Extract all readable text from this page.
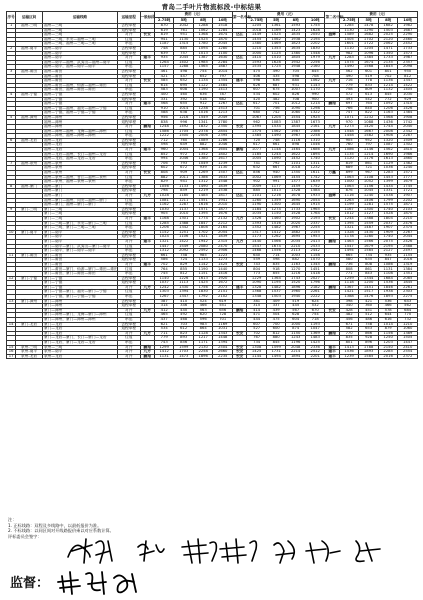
青岛二手叶片物流标段-中标结果
序号	运输区间	运输线路	运输里程	一般标段	费用（元）				第一名中标	费用（元）				第二名中标	费用（元）			
					2.75吨	5吨	8吨	10吨		2.75吨	5吨	8吨	10吨		2.75吨	5吨	8吨	10吨
1	福州-三明	福州—三明	去程单程		870	1042	1288	1518		1205	1361	1593	1755		1285	1478	1682	1982
		福州—三明	返程单程		619	761	1062	1284		1018	1169	1423	1628		1130	1290	1503	1687
		福州—三明	对开	长安	819	951	1368	1674	达江	1449	1525	1835	2050	盛辉	1589	1682	2025	2290
		福州—三明，永安—福州—三明	往返		941	1130	1525	1870		1455	1562	1938	2194		1505	1702	2120	2460
		福州—三明，福州—三明—三明	串运		1187	1315	1780	2045		1380	1469	1823	2202		1601	1722	2062	2452
2	福州-南平	福州—南平	去程单程		748	885	1094	1280		1210	1353	1635	1830		1110	1205	1471	1733
		福州—南平	返程单程		639	757	1013	1100		1000	1125	1380	1548		982	1096	1350	1573
		福州—南平	对开	建丰	935	1045	1387	1630	达江	1410	1510	1805	1979	九方	1283	1385	1733	1987
		福州—南平—福州，武夷山—福州—南平	往返		1264	1402	1985	2284		1593	1628	1942	2256		1575	1674	2135	2357
		福州—南平，福州—南平—南平	串运		1157	1288	1565	1887		1535	1725	1948	2160		1490	1568	1845	2098
3	福州-莆田	福州—莆田	去程单程		461	498	754	1014		475	490	705	845		562	601	801	950
		福州—莆田	返程单程		421	447	652	797		406	435	598	708		490	519	702	812
		福州—莆田	对开	长安	585	652	1134	1354	建丰	598	636	880	1062	九方	716	778	1136	1347
		福州—莆田—福州，仙游—福州—莆田	往返		614	695	1122	1484		626	687	931	1143		779	833	1214	1422
		福州—莆田，福州—莆田—莆田	串运		583	608	1190	1413		607	675	1007	1170		758	809	1132	1405
4	福州-宁德	福州—宁德	去程单程		400	460	636	787		534	602	826	990		572	613	845	1030
		福州—宁德	返程单程		331	392	518	682		420	482	708	900		493	542	772	929
		福州—宁德	对开	建丰	568	655	912	1267	达江	617	701	1012	1214	鹏翔	697	764	1092	1310
		福州—宁德—福州，福安—福州—宁德	往返		910	1014	1238	1513		701	756	1090	1298		766	840	1206	1426
		福州—宁德，福州—宁德—宁德	串运		588	638	1016	1213		680	742	1080	1322		747	822	1163	1384
5	福州-漳州	福州—漳州	去程单程		956	1216	1549	2049		1067	1205	1554	1925		1071	1232	1568	1908
		福州—漳州	返程单程		838	996	1341	1780		962	1083	1387	1673		970	1088	1436	1742
		福州—漳州	对开	鹏翔	1248	1492	1832	2350	长安	1395	1534	1845	2161	九方	1273	1420	1744	2040
		福州—漳州—福州，龙海—福州—漳州	往返		1586	1705	2378	2854		1375	1562	1987	2386		1548	1667	2008	2342
		福州—漳州，福州—漳州—漳州	串运		1222	1500	2006	2395		1385	1490	1967	2258		1458	1582	1908	2287
6	福州-龙岩	福州—龙岩	去程单程		712	760	1089	1286		720	748	1116	1310		905	952	1320	1509
		福州—龙岩	返程单程		598	649	882	1046		617	661	898	1046		760	797	1087	1302
		福州—龙岩	对开	建丰	960	1004	1368	1604	鹏翔	1077	1148	1464	1686	九方	1086	1146	1562	1810
		福州—龙岩—福州，长汀—福州—龙岩	往返		852	972	1352	1802		1185	1244	1622	1894		1135	1214	1690	1986
		福州—龙岩，福州—龙岩—龙岩	串运		994	1046	1380	1617		1005	1090	1452	1740		1120	1176	1613	1860
7	福州-泉州	福州—泉州	去程单程		706	793	1049	1239		741	792	1101	1311		819	861	1129	1382
		福州—泉州	返程单程		602	672	939	1130		632	667	1018	1232		689	721	1036	1240
		福州—泉州	对开	长安	808	909	1269	1507	达江	856	940	1350	1611	万鑫	899	967	1283	1571
		福州—泉州—福州，晋江—福州—泉州	往返		882	1011	1386	1633		1002	1069	1455	1742		1063	1108	1453	1777
		福州—泉州，福州—泉州—泉州	串运		829	941	1312	1548		902	991	1377	1639		1000	1052	1399	1679
8	福州-厦门	福州—厦门	去程单程		1056	1133	1490	1839		1009	1177	1459	1752		1063	1156	1434	1745
		福州—厦门	返程单程		798	859	1219	1538		885	1013	1328	1584		876	1045	1331	1721
		福州—厦门	对开	九方	1028	1180	1485	1817	达江	1101	1216	1678	1933	盛辉	1116	1240	1538	1907
		福州—厦门—福州，同安—福州—厦门	往返		1081	1211	1551	1941		1260	1359	1690	2054		1263	1406	1799	2202
		福州—厦门，福州—厦门—厦门	串运		1162	1287	1616	2010		1190	1300	1645	1915		1199	1281	1575	1871
9	厦门-三明	厦门—三明	去程单程		1030	1137	1571	1877		1184	1274	1733	1965		1167	1300	1740	2103
		厦门—三明	返程单程		905	1010	1395	1676		1035	1150	1528	1764		1012	1127	1528	1870
		厦门—三明	对开	建丰	1168	1301	1774	2132	九方	1326	1460	1902	2193	长安	1244	1388	1804	2210
		厦门—三明—厦门，永安—厦门—三明	往返		1285	1388	1847	2212		1393	1516	2020	2337		1395	1559	2037	2476
		厦门—三明，厦门—三明—三明	串运		1206	1342	1808	2164		1352	1482	1967	2255		1321	1487	1907	2375
10	厦门-南平	厦门—南平	去程单程		1152	1251	1702	2054		1317	1412	1882	2155		1328	1430	1909	2267
		厦门—南平	返程单程		1024	1106	1521	1839		1173	1262	1695	1953		1178	1280	1740	2044
		厦门—南平	对开	建丰	1321	1422	1942	2315	九方	1440	1566	2035	2413	鹏翔	1463	1566	2075	2426
		厦门—南平—厦门，武夷山—厦门—南平	往返		1447	1549	2080	2470		1547	1674	2210	2533		1547	1679	2195	2588
		厦门—南平，厦门—南平—南平	串运		1312	2092	2592	2906		1468	1556	2113	2442		1494	1585	2127	2497
11	厦门-莆田	厦门—莆田	去程单程		661	758	985	1223		640	714	1003	1158		665	734	935	1155
		厦门—莆田	返程单程		586	724	1133	1273		559	598	882	1070		580	635	847	1016
		厦门—莆田	对开	建丰	702	829	1142	1425	长安	743	835	1163	1345	鹏翔	736	808	1086	1319
		厦门—莆田—厦门，仙游—厦门—莆田—莆田	往返		764	855	1190	1440		804	918	1270	1451		808	861	1131	1384
		厦门—莆田，厦门—莆田—莆田	串运		745	812	1151	1416		773	855	1216	1418		771	843	1108	1351
12	厦门-宁德	厦门—宁德	去程单程		1140	1226	1613	1920		1229	1364	1743	2027		1259	1344	1684	2085
		厦门—宁德	返程单程		1037	1113	1425	1672		1090	1195	1520	1796		1118	1200	1536	1845
		厦门—宁德	对开	九方	1242	1330	1756	2073	建丰	1328	1482	1896	2182	鹏翔	1367	1451	1846	2261
		厦门—宁德—厦门，福安—厦门—宁德	往返		1303	1394	1830	2151		1368	1537	1960	2261		1421	1517	1938	2303
		厦门—宁德，厦门—宁德—宁德	串运		1267	1347	1792	2102		1348	1503	1940	2222		1388	1476	1893	2275
13	厦门-漳州	厦门—漳州	去程单程		387	410	524	619		381	409	519	624		398	421	536	643
		厦门—漳州	返程单程		314	346	466	551		315	337	445	532		340	360	466	562
		厦门—漳州	对开	九方	412	440	563	656	鹏翔	414	439	567	670	长安	428	451	578	684
		厦门—漳州—厦门，龙海—厦门—漳州	往返		465	492	620	728		471	504	628	754		482	512	644	770
		厦门—漳州，厦门—漳州—漳州	串运		437	468	596	701		444	475	604	718		456	486	616	732
14	厦门-龙岩	厦门—龙岩	去程单程		621	703	983	1169		607	700	1000	1193		671	758	1014	1210
		厦门—龙岩	返程单程		534	612	864	1031		527	600	874	1047		582	653	879	1060
		厦门—龙岩	对开	九方	711	823	1128	1343	长安	702	812	1150	1369	鹏翔	770	866	1156	1389
		厦门—龙岩—厦门，长汀—厦门—龙岩	往返		779	893	1217	1448		767	880	1243	1483		835	928	1250	1505
		厦门—龙岩，厦门—龙岩—龙岩	串运		743	856	1171	1394		734	845	1196	1425		801	896	1203	1447
15	泉州-三明	泉州—三明	对开	鹏翔	1299	1599	2130	2504	长安	1308	1599	2048	2336	建丰	1413	1788	2150	2410
16	泉州-南平	泉州—南平	对开	九方	1412	1703	2258	2660	长安	1425	1731	2214	2512	建丰	1536	1893	2285	2554
17	泉州-龙岩	泉州—龙岩	对开	鹏翔	1131	1473	1896	2235	长安	1144	1494	1894	2201	建丰	1239	1585	2016	2372
注：
1. 正标线路：双程及多线路中，以最低报价为准。
2. 不标线路：以同区间对开线路报价乘以对应系数计算。
评标委员会签字：
监督：
